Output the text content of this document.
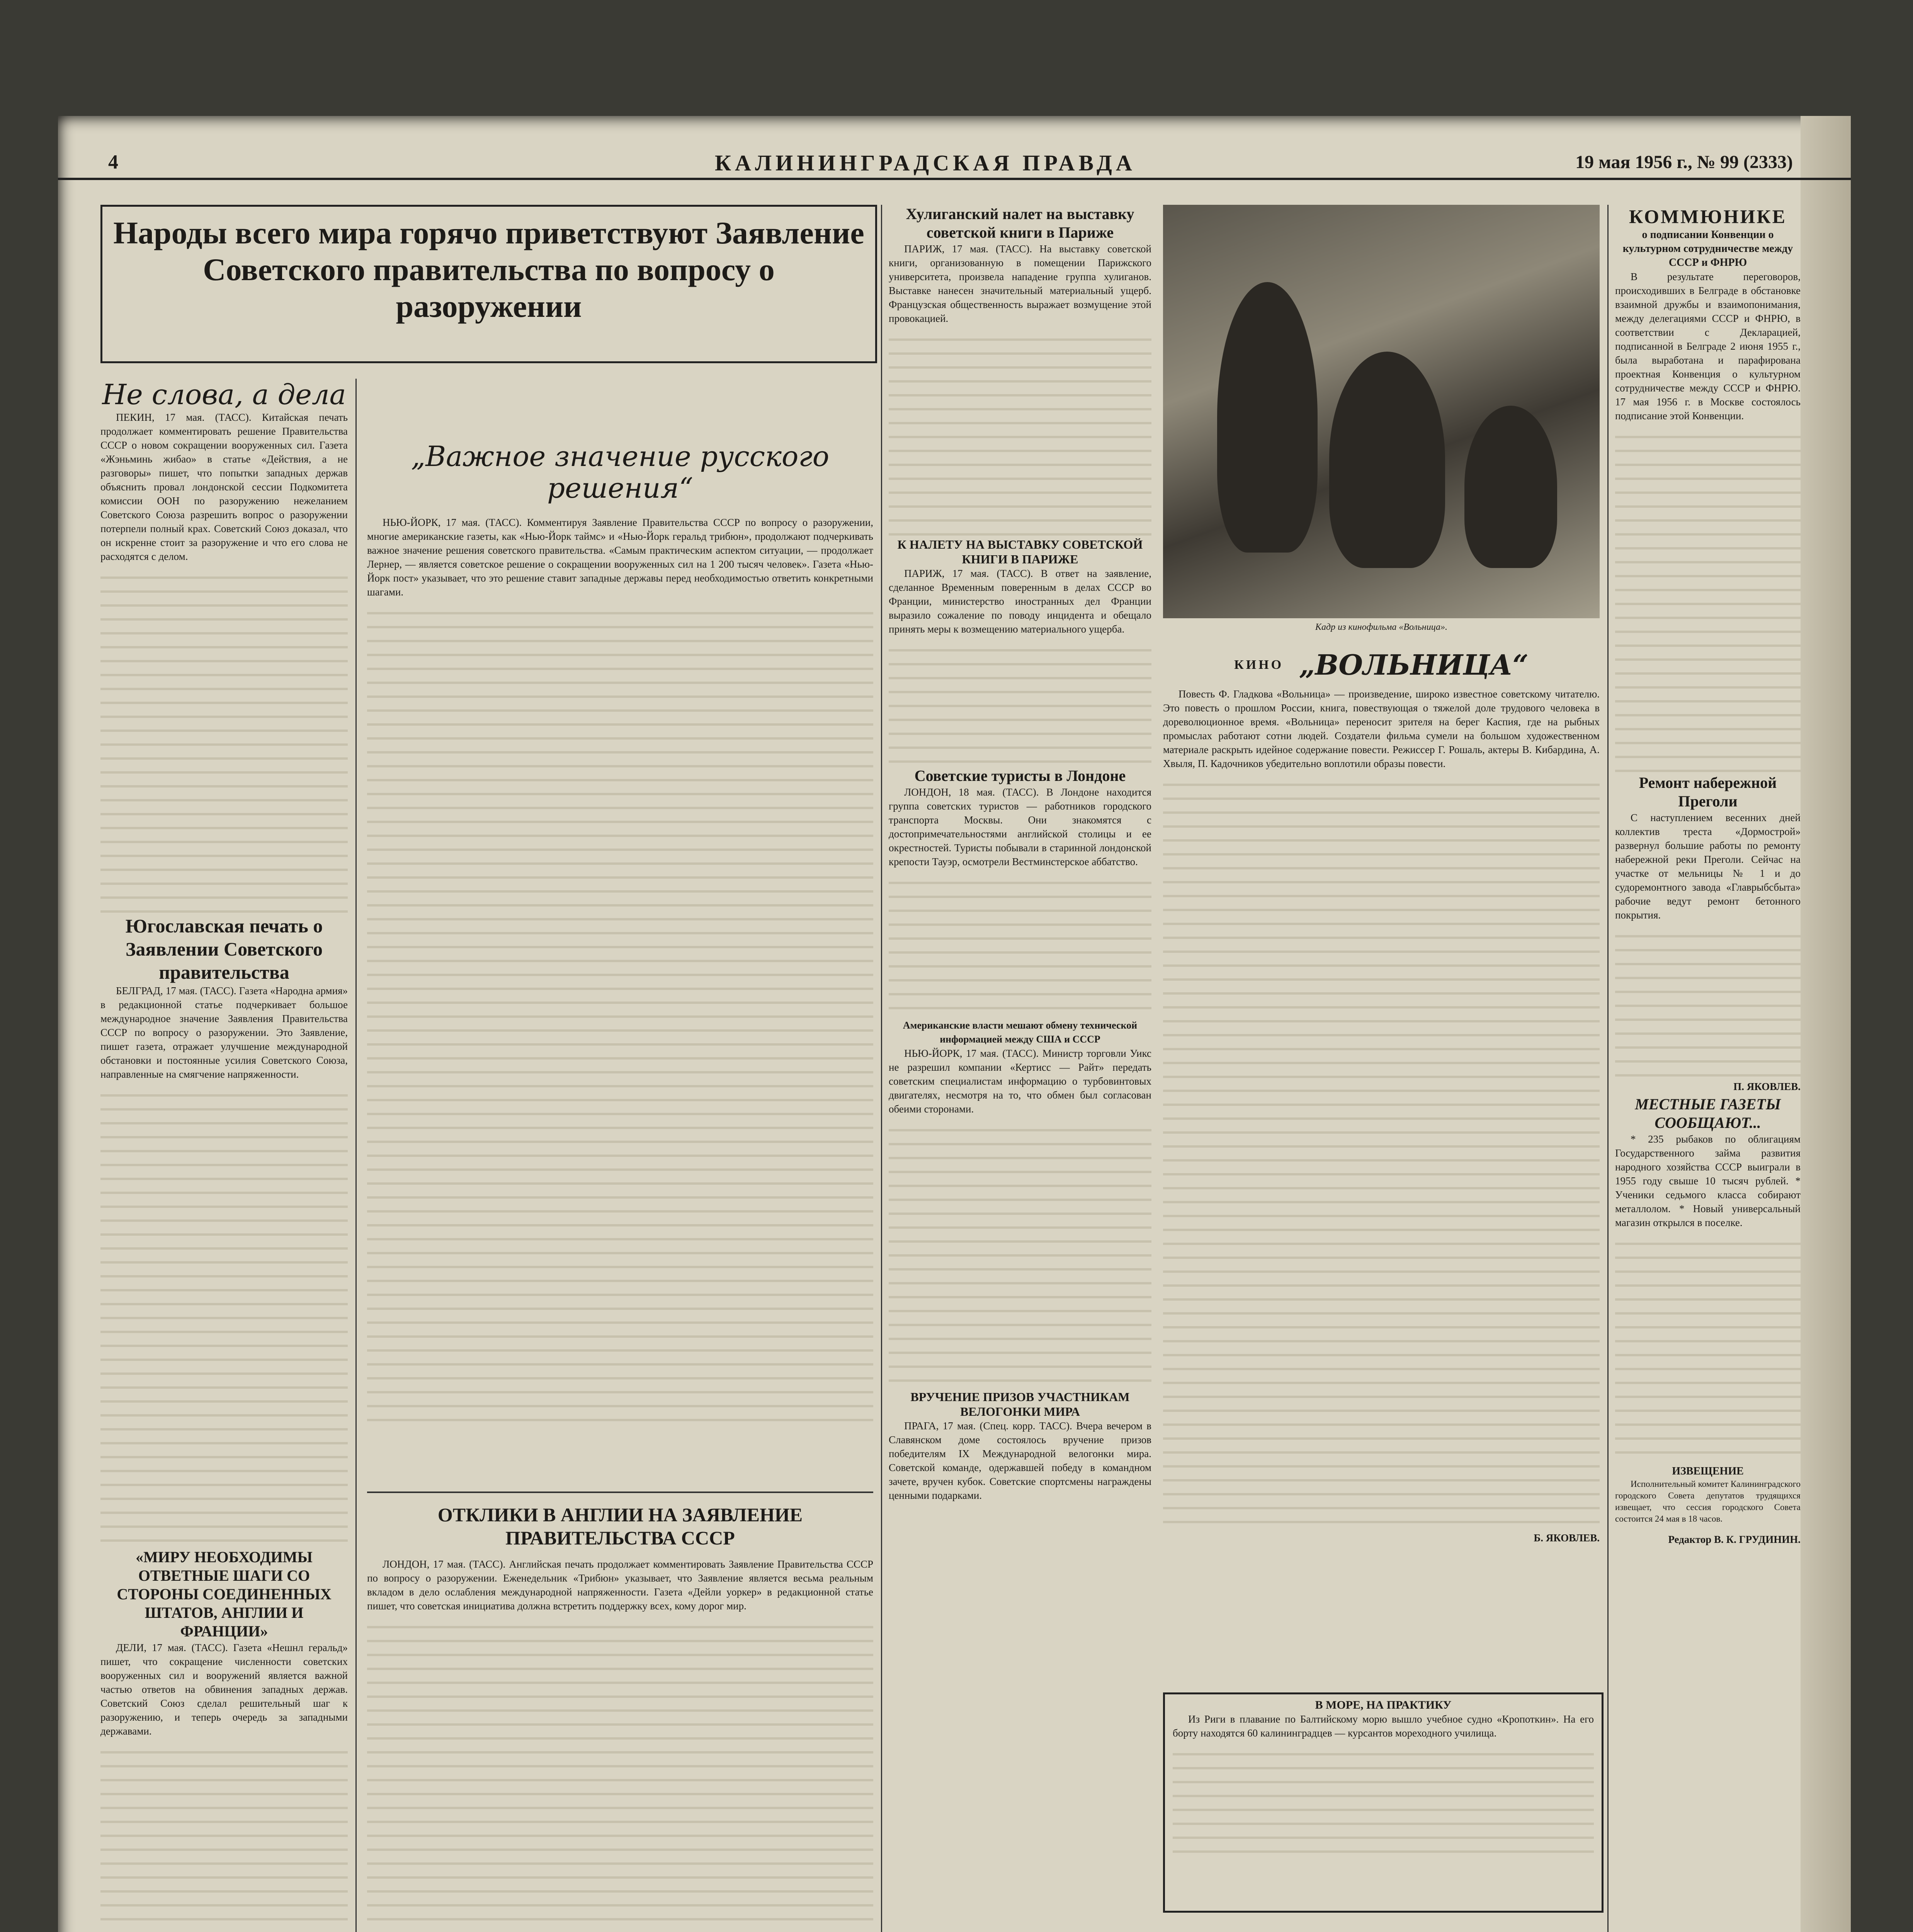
4	КАЛИНИНГРАДСКАЯ ПРАВДА	19 мая 1956 г., № 99 (2333)
Народы всего мира горячо приветствуют Заявление Советского правительства по вопросу о разоружении
Не слова, а дела

ПЕКИН, 17 мая. (ТАСС). Китайская печать продолжает комментировать решение Правительства СССР о новом сокращении вооруженных сил. Газета «Жэньминь жибао» в статье «Действия, а не разговоры» пишет, что попытки западных держав объяснить провал лондонской сессии Подкомитета комиссии ООН по разоружению нежеланием Советского Союза разрешить вопрос о разоружении потерпели полный крах. Советский Союз доказал, что он искренне стоит за разоружение и что его слова не расходятся с делом.

Югославская печать о Заявлении Советского правительства

БЕЛГРАД, 17 мая. (ТАСС). Газета «Народна армия» в редакционной статье подчеркивает большое международное значение Заявления Правительства СССР по вопросу о разоружении. Это Заявление, пишет газета, отражает улучшение международной обстановки и постоянные усилия Советского Союза, направленные на смягчение напряженности.

«МИРУ НЕОБХОДИМЫ ОТВЕТНЫЕ ШАГИ СО СТОРОНЫ СОЕДИНЕННЫХ ШТАТОВ, АНГЛИИ И ФРАНЦИИ»

ДЕЛИ, 17 мая. (ТАСС). Газета «Нешнл геральд» пишет, что сокращение численности советских вооруженных сил и вооружений является важной частью ответов на обвинения западных держав. Советский Союз сделал решительный шаг к разоружению, и теперь очередь за западными державами.

„Важное значение русского решения“

НЬЮ-ЙОРК, 17 мая. (ТАСС). Комментируя Заявление Правительства СССР по вопросу о разоружении, многие американские газеты, как «Нью-Йорк таймс» и «Нью-Йорк геральд трибюн», продолжают подчеркивать важное значение решения советского правительства. «Самым практическим аспектом ситуации, — продолжает Лернер, — является советское решение о сокращении вооруженных сил на 1 200 тысяч человек». Газета «Нью-Йорк пост» указывает, что это решение ставит западные державы перед необходимостью ответить конкретными шагами.

ОТКЛИКИ В АНГЛИИ НА ЗАЯВЛЕНИЕ ПРАВИТЕЛЬСТВА СССР

ЛОНДОН, 17 мая. (ТАСС). Английская печать продолжает комментировать Заявление Правительства СССР по вопросу о разоружении. Еженедельник «Трибюн» указывает, что Заявление является весьма реальным вкладом в дело ослабления международной напряженности. Газета «Дейли уоркер» в редакционной статье пишет, что советская инициатива должна встретить поддержку всех, кому дорог мир.

Хулиганский налет на выставку советской книги в Париже

ПАРИЖ, 17 мая. (ТАСС). На выставку советской книги, организованную в помещении Парижского университета, произвела нападение группа хулиганов. Выставке нанесен значительный материальный ущерб. Французская общественность выражает возмущение этой провокацией.

К НАЛЕТУ НА ВЫСТАВКУ СОВЕТСКОЙ КНИГИ В ПАРИЖЕ

ПАРИЖ, 17 мая. (ТАСС). В ответ на заявление, сделанное Временным поверенным в делах СССР во Франции, министерство иностранных дел Франции выразило сожаление по поводу инцидента и обещало принять меры к возмещению материального ущерба.

Советские туристы в Лондоне

ЛОНДОН, 18 мая. (ТАСС). В Лондоне находится группа советских туристов — работников городского транспорта Москвы. Они знакомятся с достопримечательностями английской столицы и ее окрестностей. Туристы побывали в старинной лондонской крепости Тауэр, осмотрели Вестминстерское аббатство.

Американские власти мешают обмену технической информацией между США и СССР

НЬЮ-ЙОРК, 17 мая. (ТАСС). Министр торговли Уикс не разрешил компании «Кертисс — Райт» передать советским специалистам информацию о турбовинтовых двигателях, несмотря на то, что обмен был согласован обеими сторонами.

ВРУЧЕНИЕ ПРИЗОВ УЧАСТНИКАМ ВЕЛОГОНКИ МИРА

ПРАГА, 17 мая. (Спец. корр. ТАСС). Вчера вечером в Славянском доме состоялось вручение призов победителям IX Международной велогонки мира. Советской команде, одержавшей победу в командном зачете, вручен кубок. Советские спортсмены награждены ценными подарками.

Кадр из кинофильма «Вольница».
КИНО „ВОЛЬНИЦА“

Повесть Ф. Гладкова «Вольница» — произведение, широко известное советскому читателю. Это повесть о прошлом России, книга, повествующая о тяжелой доле трудового человека в дореволюционное время. «Вольница» переносит зрителя на берег Каспия, где на рыбных промыслах работают сотни людей. Создатели фильма сумели на большом художественном материале раскрыть идейное содержание повести. Режиссер Г. Рошаль, актеры В. Кибардина, А. Хвыля, П. Кадочников убедительно воплотили образы повести.

Б. ЯКОВЛЕВ.

В МОРЕ, НА ПРАКТИКУ

Из Риги в плавание по Балтийскому морю вышло учебное судно «Кропоткин». На его борту находятся 60 калининградцев — курсантов мореходного училища.

КОММЮНИКЕ
о подписании Конвенции о культурном сотрудничестве между СССР и ФНРЮ

В результате переговоров, происходивших в Белграде в обстановке взаимной дружбы и взаимопонимания, между делегациями СССР и ФНРЮ, в соответствии с Декларацией, подписанной в Белграде 2 июня 1955 г., была выработана и парафирована проектная Конвенция о культурном сотрудничестве между СССР и ФНРЮ. 17 мая 1956 г. в Москве состоялось подписание этой Конвенции.

Ремонт набережной Преголи

С наступлением весенних дней коллектив треста «Дормострой» развернул большие работы по ремонту набережной реки Преголи. Сейчас на участке от мельницы № 1 и до судоремонтного завода «Главрыбсбыта» рабочие ведут ремонт бетонного покрытия.

П. ЯКОВЛЕВ.

МЕСТНЫЕ ГАЗЕТЫ СООБЩАЮТ...

* 235 рыбаков по облигациям Государственного займа развития народного хозяйства СССР выиграли в 1955 году свыше 10 тысяч рублей. * Ученики седьмого класса собирают металлолом. * Новый универсальный магазин открылся в поселке.

ИЗВЕЩЕНИЕ

Исполнительный комитет Калининградского городского Совета депутатов трудящихся извещает, что сессия городского Совета состоится 24 мая в 18 часов.

Редактор В. К. ГРУДИНИН.
